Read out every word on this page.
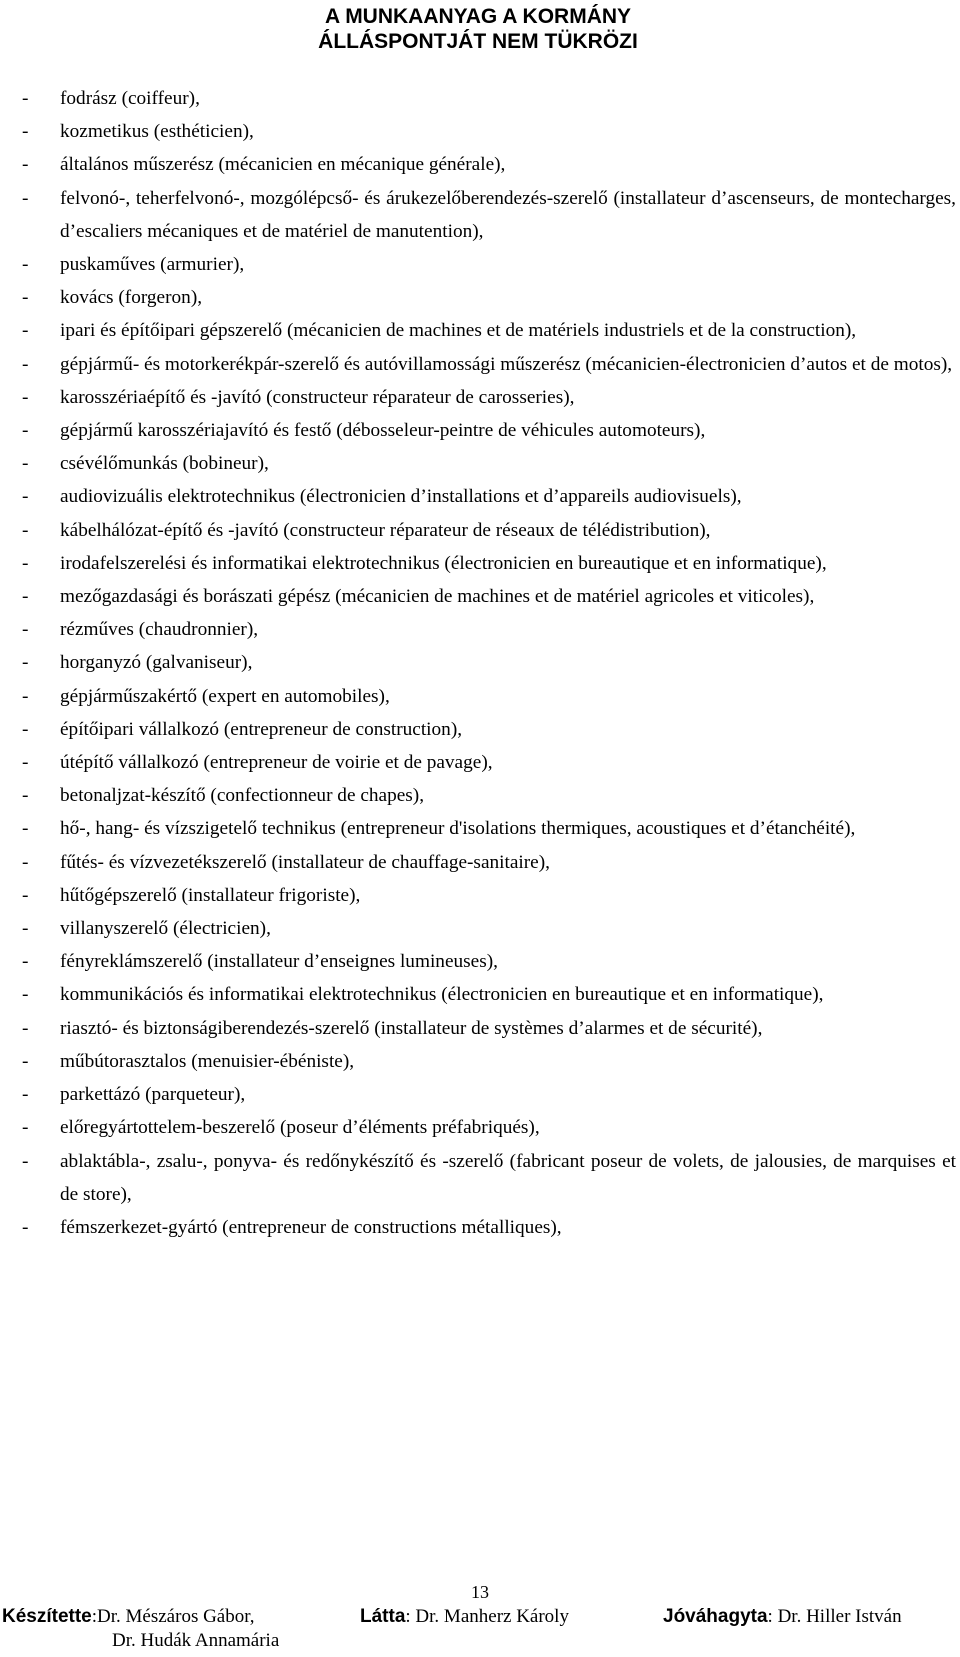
A MUNKAANYAG A KORMÁNY
ÁLLÁSPONTJÁT NEM TÜKRÖZI
-	fodrász (coiffeur),
-	kozmetikus (esthéticien),
-	általános műszerész (mécanicien en mécanique générale),
-	felvonó-, teherfelvonó-, mozgólépcső- és árukezelőberendezés-szerelő (installateur d’ascenseurs, de montecharges, d’escaliers mécaniques et de matériel de manutention),
-	puskaműves (armurier),
-	kovács (forgeron),
-	ipari és építőipari gépszerelő (mécanicien de machines et de matériels industriels et de la construction),
-	gépjármű- és motorkerékpár-szerelő és autóvillamossági műszerész (mécanicien-électronicien d’autos et de motos),
-	karosszériaépítő és -javító (constructeur réparateur de carosseries),
-	gépjármű karosszériajavító és festő (débosseleur-peintre de véhicules automoteurs),
-	csévélőmunkás (bobineur),
-	audiovizuális elektrotechnikus (électronicien d’installations et d’appareils audiovisuels),
-	kábelhálózat-építő és -javító (constructeur réparateur de réseaux de télédistribution),
-	irodafelszerelési és informatikai elektrotechnikus (électronicien en bureautique et en informatique),
-	mezőgazdasági és borászati gépész (mécanicien de machines et de matériel agricoles et viticoles),
-	rézműves (chaudronnier),
-	horganyzó (galvaniseur),
-	gépjárműszakértő (expert en automobiles),
-	építőipari vállalkozó (entrepreneur de construction),
-	útépítő vállalkozó (entrepreneur de voirie et de pavage),
-	betonaljzat-készítő (confectionneur de chapes),
-	hő-, hang- és vízszigetelő technikus (entrepreneur d'isolations thermiques, acoustiques et d’étanchéité),
-	fűtés- és vízvezetékszerelő (installateur de chauffage-sanitaire),
-	hűtőgépszerelő (installateur frigoriste),
-	villanyszerelő (électricien),
-	fényreklámszerelő (installateur d’enseignes lumineuses),
-	kommunikációs és informatikai elektrotechnikus (électronicien en bureautique et en informatique),
-	riasztó- és biztonságiberendezés-szerelő (installateur de systèmes d’alarmes et de sécurité),
-	műbútorasztalos (menuisier-ébéniste),
-	parkettázó (parqueteur),
-	előregyártottelem-beszerelő (poseur d’éléments préfabriqués),
-	ablaktábla-, zsalu-, ponyva- és redőnykészítő és -szerelő (fabricant poseur de volets, de jalousies, de marquises et de store),
-	fémszerkezet-gyártó (entrepreneur de constructions métalliques),
13
Készítette:Dr. Mészáros Gábor,
Dr. Hudák Annamária
Látta: Dr. Manherz Károly	Jóváhagyta: Dr. Hiller István
